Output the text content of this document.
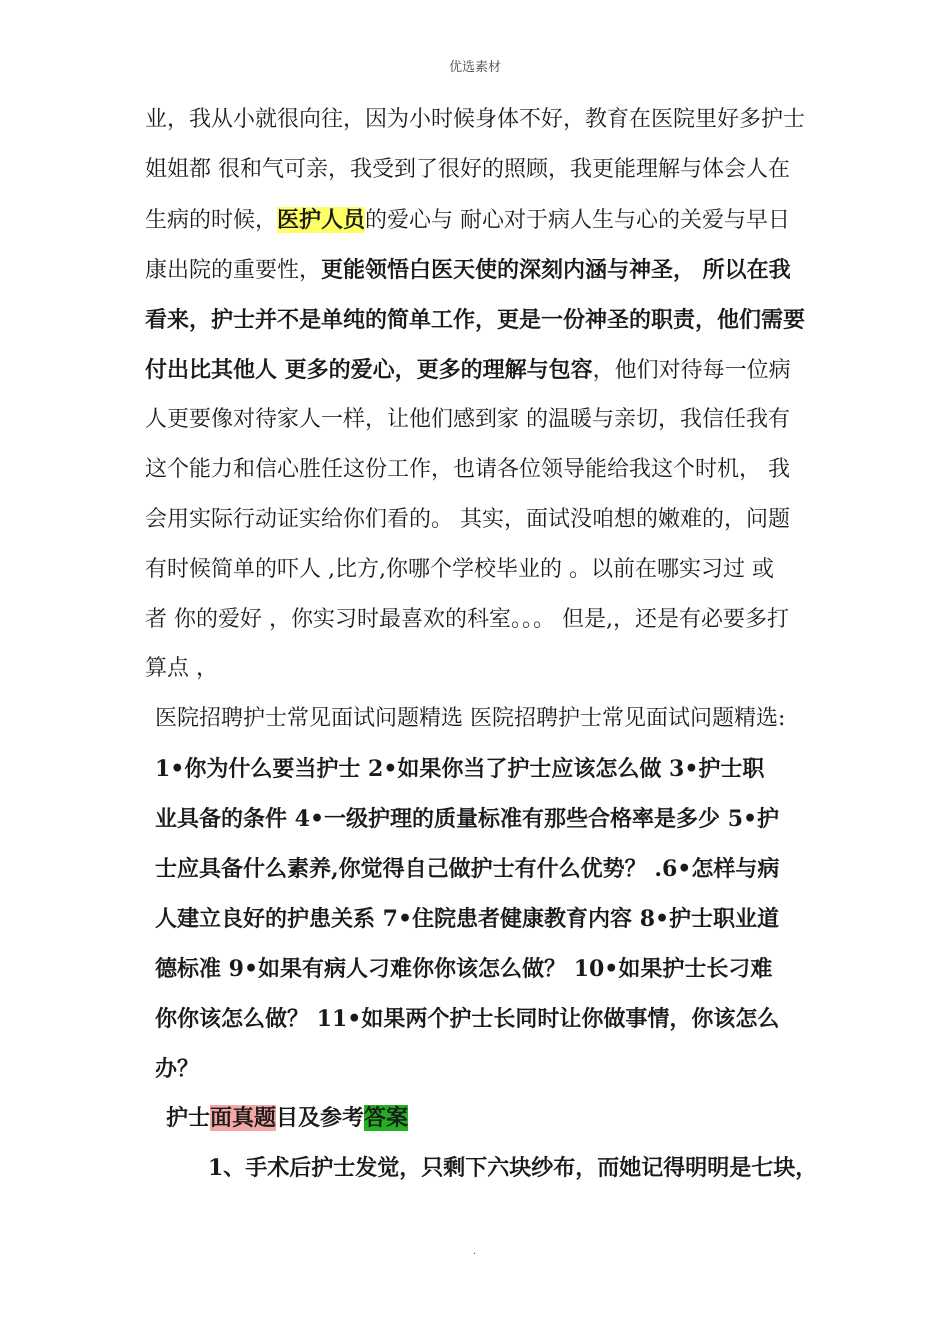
优选素材
业，我从小就很向往，因为小时候身体不好，教育在医院里好多护士
姐姐都 很和气可亲，我受到了很好的照顾，我更能理解与体会人在
生病的时候，医护人员的爱心与 耐心对于病人生与心的关爱与早日
康出院的重要性，更能领悟白医天使的深刻内涵与神圣， 所以在我
看来，护士并不是单纯的简单工作，更是一份神圣的职责，他们需要
付出比其他人 更多的爱心，更多的理解与包容，他们对待每一位病
人更要像对待家人一样，让他们感到家 的温暖与亲切，我信任我有
这个能力和信心胜任这份工作，也请各位领导能给我这个时机， 我
会用实际行动证实给你们看的。 其实，面试没咱想的嫩难的，问题
有时候简单的吓人 ,比方,你哪个学校毕业的 。以前在哪实习过 或
者 你的爱好 ，你实习时最喜欢的科室。。。 但是,，还是有必要多打
算点 ，
医院招聘护士常见面试问题精选 医院招聘护士常见面试问题精选:
1•你为什么要当护士 2•如果你当了护士应该怎么做 3•护士职
业具备的条件 4•一级护理的质量标准有那些合格率是多少 5•护
士应具备什么素养,你觉得自己做护士有什么优势？ .6•怎样与病
人建立良好的护患关系 7•住院患者健康教育内容 8•护士职业道
德标准 9•如果有病人刁难你你该怎么做？ 10•如果护士长刁难
你你该怎么做？ 11•如果两个护士长同时让你做事情，你该怎么
办？
护士面真题目及参考答案
1、手术后护士发觉，只剩下六块纱布，而她记得明明是七块，
.
